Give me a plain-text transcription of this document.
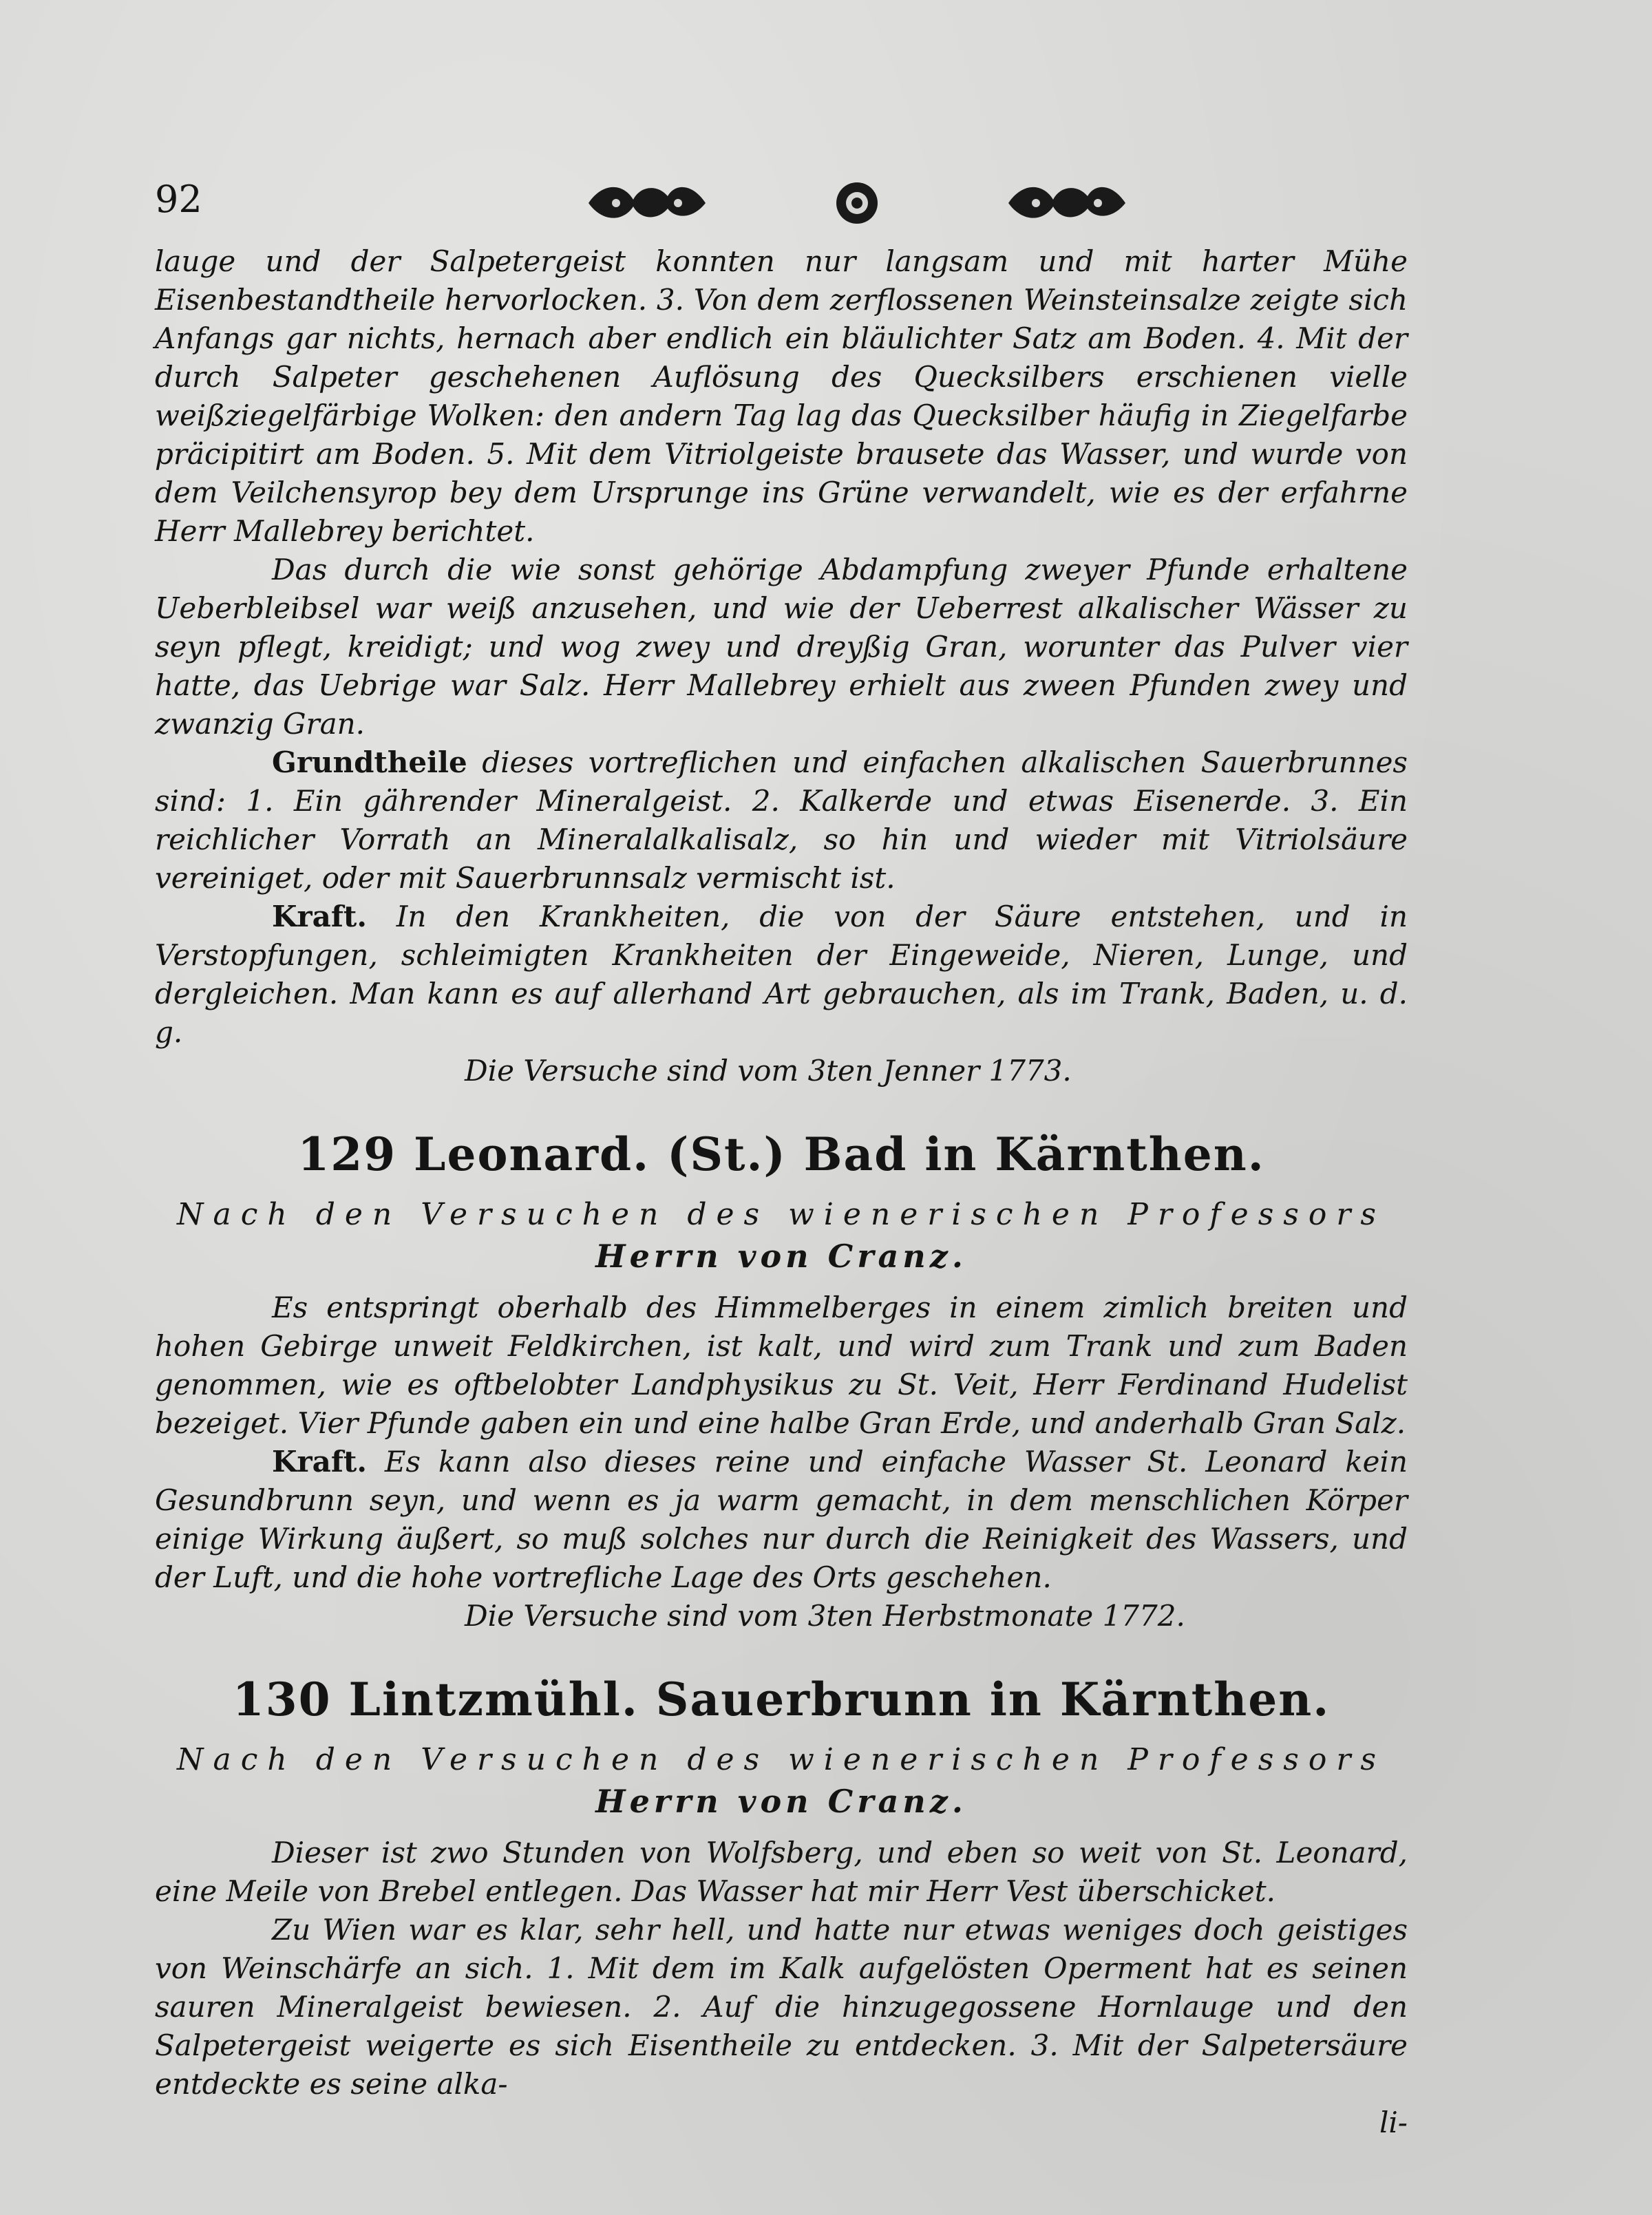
92

lauge und der Salpetergeist konnten nur langsam und mit harter Mühe Eisenbestandtheile hervorlocken. 3. Von dem zerflossenen Weinsteinsalze zeigte sich Anfangs gar nichts, hernach aber endlich ein bläulichter Satz am Boden. 4. Mit der durch Salpeter geschehenen Auflösung des Quecksilbers erschienen vielle weißziegelfärbige Wolken: den andern Tag lag das Quecksilber häufig in Ziegelfarbe präcipitirt am Boden. 5. Mit dem Vitriolgeiste brausete das Wasser, und wurde von dem Veilchensyrop bey dem Ursprunge ins Grüne verwandelt, wie es der erfahrne Herr Mallebrey berichtet.

Das durch die wie sonst gehörige Abdampfung zweyer Pfunde erhaltene Ueberbleibsel war weiß anzusehen, und wie der Ueberrest alkalischer Wässer zu seyn pflegt, kreidigt; und wog zwey und dreyßig Gran, worunter das Pulver vier hatte, das Uebrige war Salz. Herr Mallebrey erhielt aus zween Pfunden zwey und zwanzig Gran.

Grundtheile dieses vortreflichen und einfachen alkalischen Sauerbrunnes sind: 1. Ein gährender Mineralgeist. 2. Kalkerde und etwas Eisenerde. 3. Ein reichlicher Vorrath an Mineralalkalisalz, so hin und wieder mit Vitriolsäure vereiniget, oder mit Sauerbrunnsalz vermischt ist.

Kraft. In den Krankheiten, die von der Säure entstehen, und in Verstopfungen, schleimigten Krankheiten der Eingeweide, Nieren, Lunge, und dergleichen. Man kann es auf allerhand Art gebrauchen, als im Trank, Baden, u. d. g.

Die Versuche sind vom 3ten Jenner 1773.

129 Leonard. (St.) Bad in Kärnthen.

Nach den Versuchen des wienerischen Professors

Herrn von Cranz.

Es entspringt oberhalb des Himmelberges in einem zimlich breiten und hohen Gebirge unweit Feldkirchen, ist kalt, und wird zum Trank und zum Baden genommen, wie es oftbelobter Landphysikus zu St. Veit, Herr Ferdinand Hudelist bezeiget. Vier Pfunde gaben ein und eine halbe Gran Erde, und anderhalb Gran Salz.

Kraft. Es kann also dieses reine und einfache Wasser St. Leonard kein Gesundbrunn seyn, und wenn es ja warm gemacht, in dem menschlichen Körper einige Wirkung äußert, so muß solches nur durch die Reinigkeit des Wassers, und der Luft, und die hohe vortrefliche Lage des Orts geschehen.

Die Versuche sind vom 3ten Herbstmonate 1772.

130 Lintzmühl. Sauerbrunn in Kärnthen.

Nach den Versuchen des wienerischen Professors

Herrn von Cranz.

Dieser ist zwo Stunden von Wolfsberg, und eben so weit von St. Leonard, eine Meile von Brebel entlegen. Das Wasser hat mir Herr Vest überschicket.

Zu Wien war es klar, sehr hell, und hatte nur etwas weniges doch geistiges von Weinschärfe an sich. 1. Mit dem im Kalk aufgelösten Operment hat es seinen sauren Mineralgeist bewiesen. 2. Auf die hinzugegossene Hornlauge und den Salpetergeist weigerte es sich Eisentheile zu entdecken. 3. Mit der Salpetersäure entdeckte es seine alka-

li-
